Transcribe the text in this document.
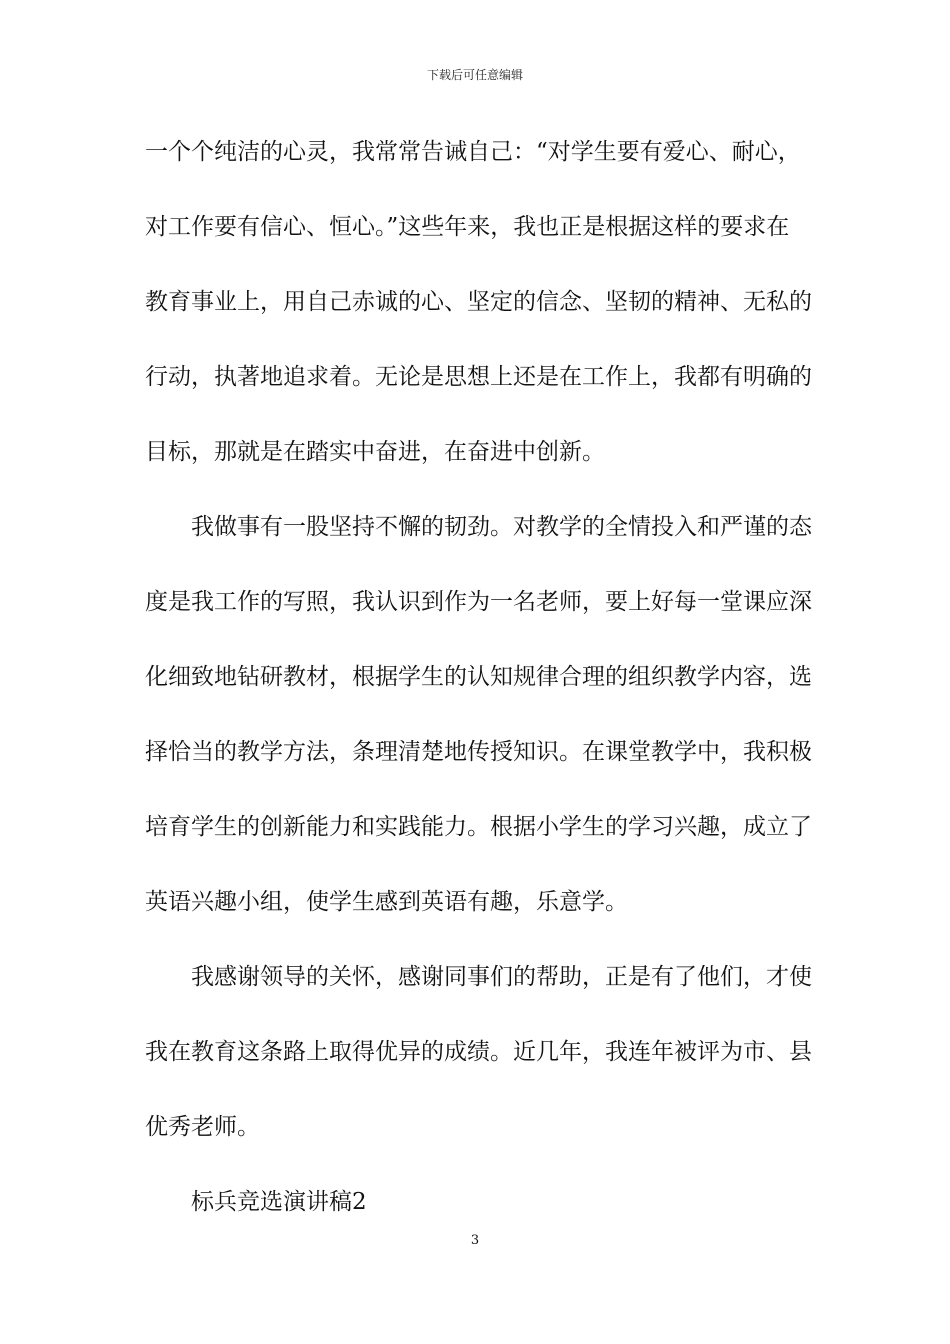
下载后可任意编辑
一个个纯洁的心灵，我常常告诫自己：“对学生要有爱心、耐心，
对工作要有信心、恒心。”这些年来，我也正是根据这样的要求在
教育事业上，用自己赤诚的心、坚定的信念、坚韧的精神、无私的
行动，执著地追求着。无论是思想上还是在工作上，我都有明确的
目标，那就是在踏实中奋进，在奋进中创新。
我做事有一股坚持不懈的韧劲。对教学的全情投入和严谨的态
度是我工作的写照，我认识到作为一名老师，要上好每一堂课应深
化细致地钻研教材，根据学生的认知规律合理的组织教学内容，选
择恰当的教学方法，条理清楚地传授知识。在课堂教学中，我积极
培育学生的创新能力和实践能力。根据小学生的学习兴趣，成立了
英语兴趣小组，使学生感到英语有趣，乐意学。
我感谢领导的关怀，感谢同事们的帮助，正是有了他们，才使
我在教育这条路上取得优异的成绩。近几年，我连年被评为市、县
优秀老师。
标兵竞选演讲稿2
3
